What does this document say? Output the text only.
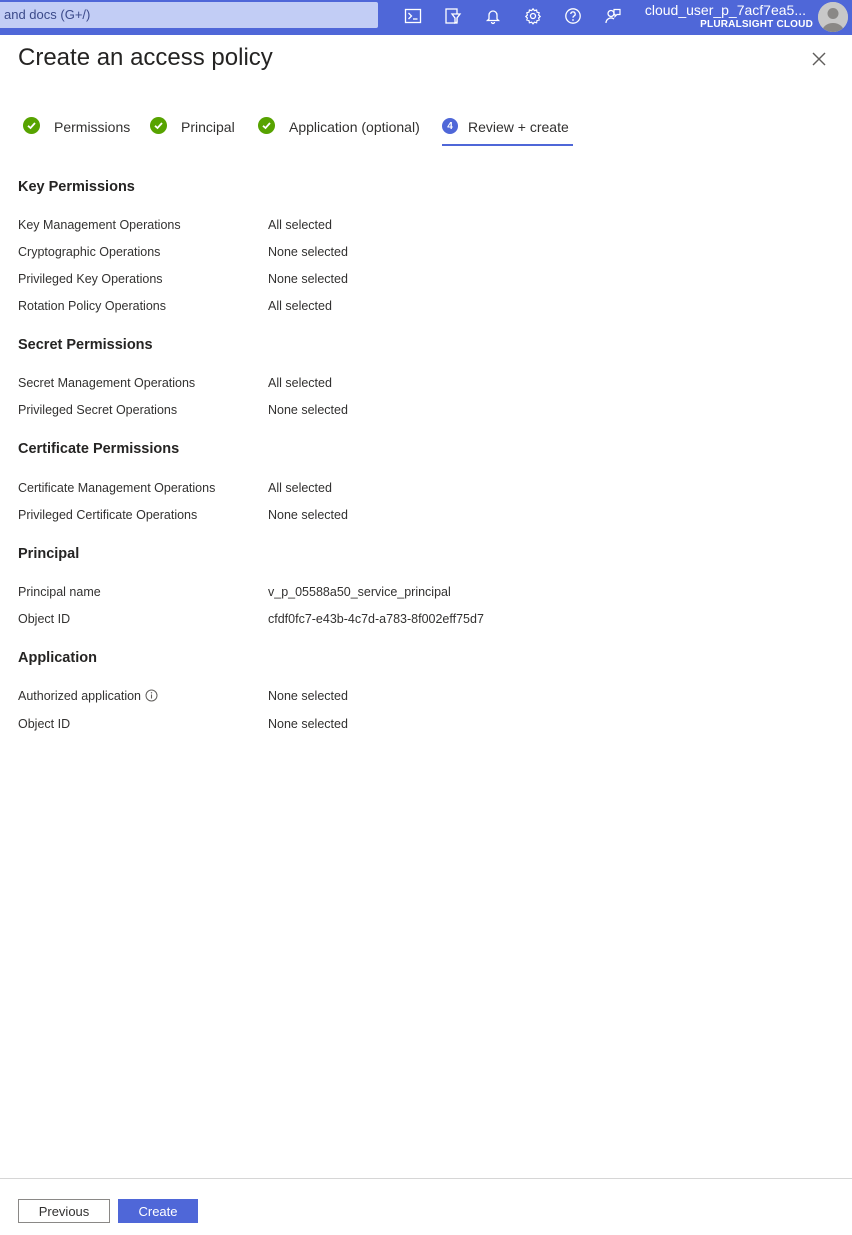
and docs (G+/)	cloud_user_p_7acf7ea5...
PLURALSIGHT CLOUD
Create an access policy
Permissions	Principal	Application (optional)	4	Review + create
Key Permissions
Key Management Operations	All selected
Cryptographic Operations	None selected
Privileged Key Operations	None selected
Rotation Policy Operations	All selected
Secret Permissions
Secret Management Operations	All selected
Privileged Secret Operations	None selected
Certificate Permissions
Certificate Management Operations	All selected
Privileged Certificate Operations	None selected
Principal
Principal name	v_p_05588a50_service_principal
Object ID	cfdf0fc7-e43b-4c7d-a783-8f002eff75d7
Application
Authorized application	None selected
Object ID	None selected
Previous	Create
